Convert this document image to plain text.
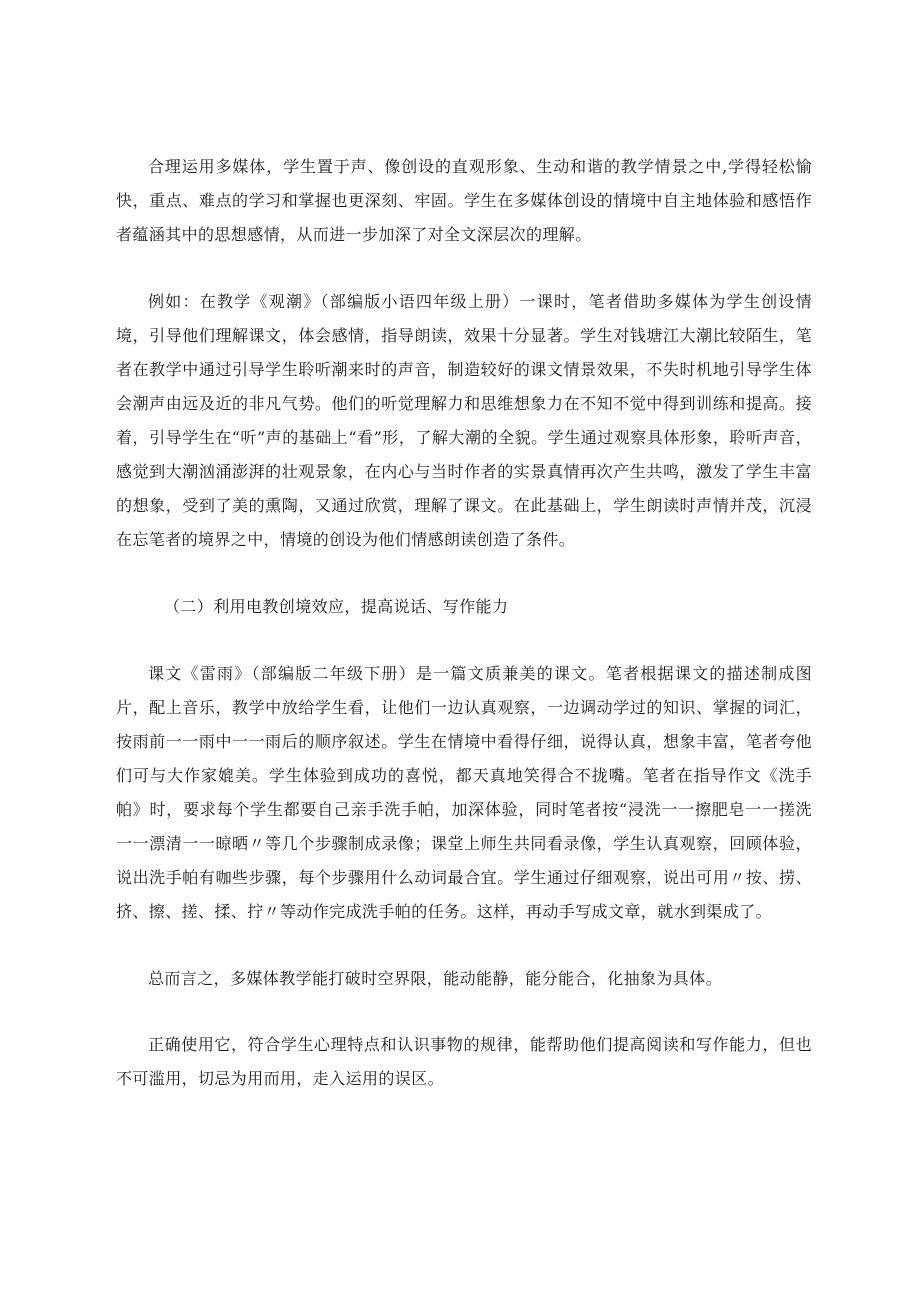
合理运用多媒体，学生置于声、像创设的直观形象、生动和谐的教学情景之中,学得轻松愉快，重点、难点的学习和掌握也更深刻、牢固。学生在多媒体创设的情境中自主地体验和感悟作者蕴涵其中的思想感情，从而进一步加深了对全文深层次的理解。

例如：在教学《观潮》（部编版小语四年级上册）一课时，笔者借助多媒体为学生创设情境，引导他们理解课文，体会感情，指导朗读，效果十分显著。学生对钱塘江大潮比较陌生，笔者在教学中通过引导学生聆听潮来时的声音，制造较好的课文情景效果，不失时机地引导学生体会潮声由远及近的非凡气势。他们的听觉理解力和思维想象力在不知不觉中得到训练和提高。接着，引导学生在“听”声的基础上“看”形，了解大潮的全貌。学生通过观察具体形象，聆听声音，感觉到大潮汹涌澎湃的壮观景象，在内心与当时作者的实景真情再次产生共鸣，激发了学生丰富的想象，受到了美的熏陶，又通过欣赏，理解了课文。在此基础上，学生朗读时声情并茂，沉浸在忘笔者的境界之中，情境的创设为他们情感朗读创造了条件。

（二）利用电教创境效应，提高说话、写作能力

课文《雷雨》（部编版二年级下册）是一篇文质兼美的课文。笔者根据课文的描述制成图片，配上音乐，教学中放给学生看，让他们一边认真观察，一边调动学过的知识、掌握的词汇，按雨前一一雨中一一雨后的顺序叙述。学生在情境中看得仔细，说得认真，想象丰富，笔者夸他们可与大作家媲美。学生体验到成功的喜悦，都天真地笑得合不拢嘴。笔者在指导作文《洗手帕》时，要求每个学生都要自己亲手洗手帕，加深体验，同时笔者按“浸洗一一擦肥皂一一搓洗一一漂清一一晾晒〃等几个步骤制成录像；课堂上师生共同看录像，学生认真观察，回顾体验，说出洗手帕有咖些步骤，每个步骤用什么动词最合宜。学生通过仔细观察，说出可用〃按、捞、挤、擦、搓、揉、拧〃等动作完成洗手帕的任务。这样，再动手写成文章，就水到渠成了。

总而言之，多媒体教学能打破时空界限，能动能静，能分能合，化抽象为具体。

正确使用它，符合学生心理特点和认识事物的规律，能帮助他们提高阅读和写作能力，但也不可滥用，切忌为用而用，走入运用的误区。
